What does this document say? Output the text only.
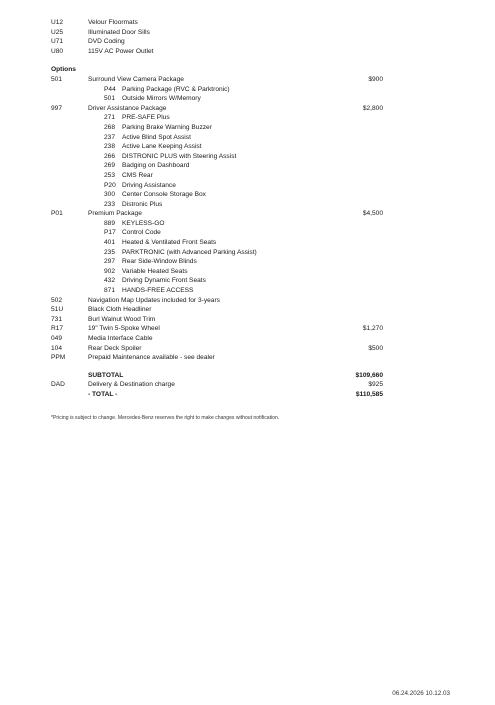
U12	Velour Floormats
U25	Illuminated Door Sills
U71	DVD Coding
U80	115V AC Power Outlet
Options
501	Surround View Camera Package	$900
P44 Parking Package (RVC & Parktronic)
501 Outside Mirrors W/Memory
997	Driver Assistance Package	$2,800
271 PRE-SAFE Plus
268 Parking Brake Warning Buzzer
237 Active Blind Spot Assist
238 Active Lane Keeping Assist
266 DISTRONIC PLUS with Steering Assist
269 Badging on Dashboard
253 CMS Rear
P20 Driving Assistance
300 Center Console Storage Box
233 Distronic Plus
P01	Premium Package	$4,500
889 KEYLESS-GO
P17 Control Code
401 Heated & Ventilated Front Seats
235 PARKTRONIC (with Advanced Parking Assist)
297 Rear Side-Window Blinds
902 Variable Heated Seats
432 Driving Dynamic Front Seats
871 HANDS-FREE ACCESS
502	Navigation Map Updates included for 3-years
51U	Black Cloth Headliner
731	Burl Walnut Wood Trim
R17	19" Twin 5-Spoke Wheel	$1,270
049	Media Interface Cable
104	Rear Deck Spoiler	$500
PPM	Prepaid Maintenance available - see dealer
SUBTOTAL	$109,660
DAD	Delivery & Destination charge	$925
- TOTAL -	$110,585
*Pricing is subject to change. Mercedes-Benz reserves the right to make changes without notification.
06.24.2026 10.12.03
